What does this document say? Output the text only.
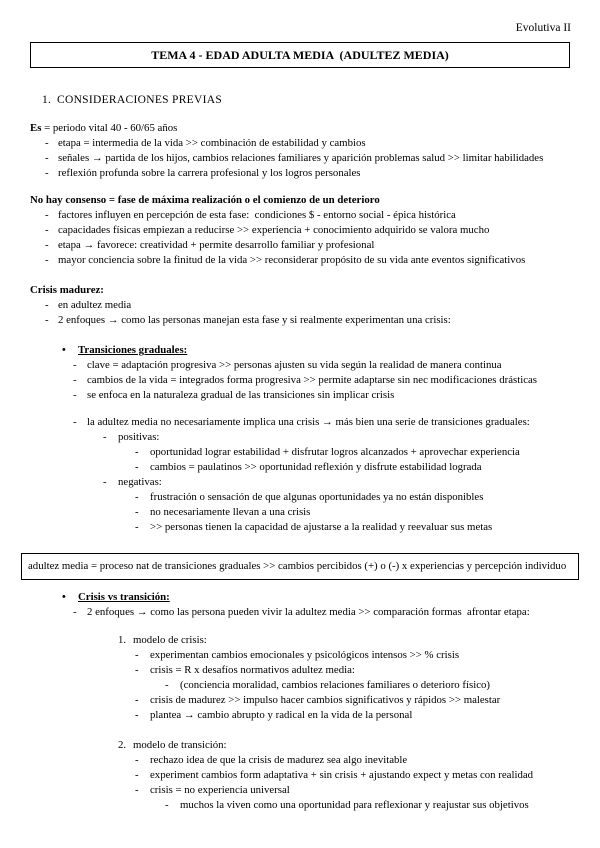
Evolutiva II
TEMA 4 - EDAD ADULTA MEDIA  (ADULTEZ MEDIA)
1. CONSIDERACIONES PREVIAS
Es = periodo vital 40 - 60/65 años
-
etapa = intermedia de la vida >> combinación de estabilidad y cambios
-
señales → partida de los hijos, cambios relaciones familiares y aparición problemas salud >> limitar habilidades
-
reflexión profunda sobre la carrera profesional y los logros personales
No hay consenso = fase de máxima realización o el comienzo de un deterioro
-
factores influyen en percepción de esta fase:  condiciones $ - entorno social - épica histórica
-
capacidades físicas empiezan a reducirse >> experiencia + conocimiento adquirido se valora mucho
-
etapa → favorece: creatividad + permite desarrollo familiar y profesional
-
mayor conciencia sobre la finitud de la vida >> reconsiderar propósito de su vida ante eventos significativos
Crisis madurez:
-
en adultez media
-
2 enfoques → como las personas manejan esta fase y si realmente experimentan una crisis:
•
Transiciones graduales:
-
clave = adaptación progresiva >> personas ajusten su vida según la realidad de manera continua
-
cambios de la vida = integrados forma progresiva >> permite adaptarse sin nec modificaciones drásticas
-
se enfoca en la naturaleza gradual de las transiciones sin implicar crisis
-
la adultez media no necesariamente implica una crisis → más bien una serie de transiciones graduales:
-
positivas:
-
oportunidad lograr estabilidad + disfrutar logros alcanzados + aprovechar experiencia
-
cambios = paulatinos >> oportunidad reflexión y disfrute estabilidad lograda
-
negativas:
-
frustración o sensación de que algunas oportunidades ya no están disponibles
-
no necesariamente llevan a una crisis
-
>> personas tienen la capacidad de ajustarse a la realidad y reevaluar sus metas
adultez media = proceso nat de transiciones graduales >> cambios percibidos (+) o (-) x experiencias y percepción individuo
•
Crisis vs transición:
-
2 enfoques → como las persona pueden vivir la adultez media >> comparación formas  afrontar etapa:
1. modelo de crisis:
-
experimentan cambios emocionales y psicológicos intensos >> % crisis
-
crisis = R x desafíos normativos adultez media:
-
(conciencia moralidad, cambios relaciones familiares o deterioro físico)
-
crisis de madurez >> impulso hacer cambios significativos y rápidos >> malestar
-
plantea → cambio abrupto y radical en la vida de la personal
2. modelo de transición:
-
rechazo idea de que la crisis de madurez sea algo inevitable
-
experiment cambios form adaptativa + sin crisis + ajustando expect y metas con realidad
-
crisis = no experiencia universal
-
muchos la viven como una oportunidad para reflexionar y reajustar sus objetivos
